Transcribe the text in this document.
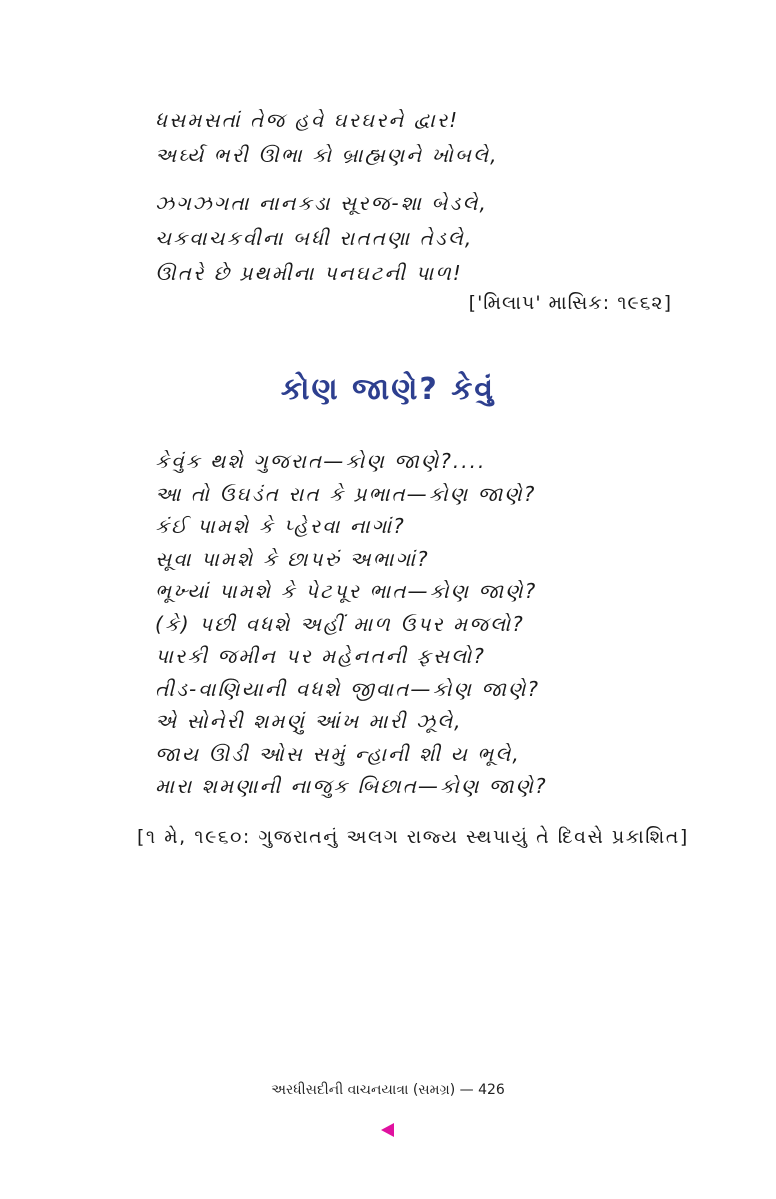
ધસમસતાં તેજ હવે ઘરઘરને દ્વાર!
અર્ઘ્ય ભરી ઊભા કો બ્રાહ્મણને ખોબલે,
ઝગઝગતા નાનકડા સૂરજ-શા બેડલે,
ચકવાચકવીના બધી રાતતણા તેડલે,
ઊતરે છે પ્રથમીના પનઘટની પાળ!
['મિલાપ' માસિક: ૧૯૬૨]
કોણ જાણે? કેવું
કેવુંક થશે ગુજરાત—કોણ જાણે?....
આ તો ઉઘડંત રાત કે પ્રભાત—કોણ જાણે?
કંઈ પામશે કે પ્હેરવા નાગાં?
સૂવા પામશે કે છાપરું અભાગાં?
ભૂખ્યાં પામશે કે પેટપૂર ભાત—કોણ જાણે?
(કે) પછી વધશે અહીં માળ ઉપર મજલો?
પારકી જમીન પર મહેનતની ફસલો?
તીડ-વાણિયાની વધશે જીવાત—કોણ જાણે?
એ સોનેરી શમણું આંખ મારી ઝૂલે,
જાય ઊડી ઓસ સમું ન્હાની શી ય ભૂલે,
મારા શમણાની નાજુક બિછાત—કોણ જાણે?
[૧ મે, ૧૯૬૦: ગુજરાતનું અલગ રાજ્ય સ્થપાયું તે દિવસે પ્રકાશિત]
અરધીસદીની વાચનયાત્રા (સમગ્ર) — 426
